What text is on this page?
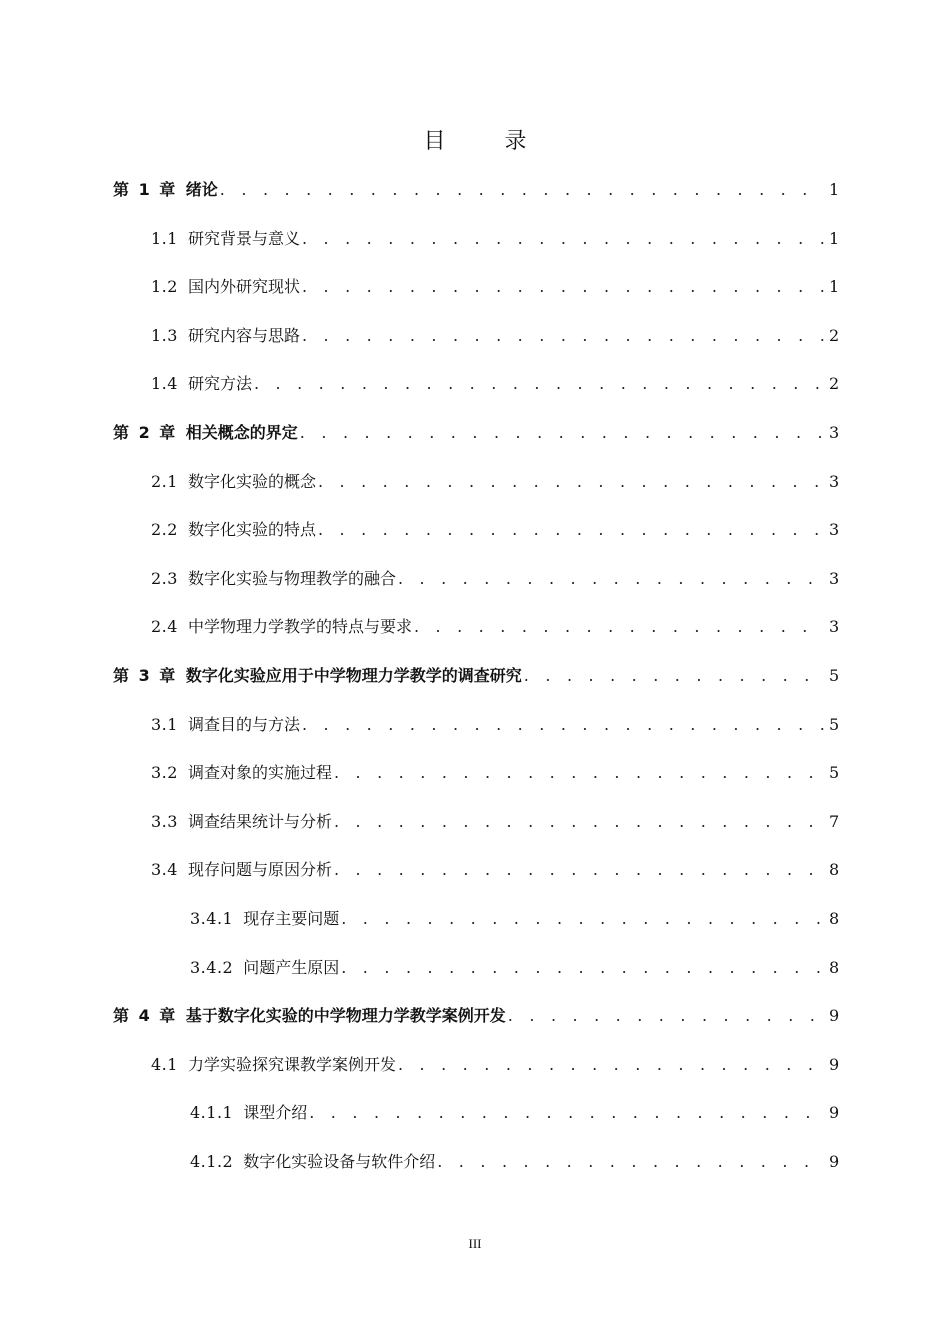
目 录
第 1 章 绪论 . . .	1
1.1 研究背景与意义 . . .	1
1.2 国内外研究现状 . . .	1
1.3 研究内容与思路 . . .	2
1.4 研究方法 . . .	2
第 2 章 相关概念的界定 . . .	3
2.1 数字化实验的概念 . . .	3
2.2 数字化实验的特点 . . .	3
2.3 数字化实验与物理教学的融合 . . .	3
2.4 中学物理力学教学的特点与要求 . . .	3
第 3 章 数字化实验应用于中学物理力学教学的调查研究 . . .	5
3.1 调查目的与方法 . . .	5
3.2 调查对象的实施过程 . . .	5
3.3 调查结果统计与分析 . . .	7
3.4 现存问题与原因分析 . . .	8
3.4.1 现存主要问题 . . .	8
3.4.2 问题产生原因 . . .	8
第 4 章 基于数字化实验的中学物理力学教学案例开发 . . .	9
4.1 力学实验探究课教学案例开发 . . .	9
4.1.1 课型介绍 . . .	9
4.1.2 数字化实验设备与软件介绍 . . .	9
III
